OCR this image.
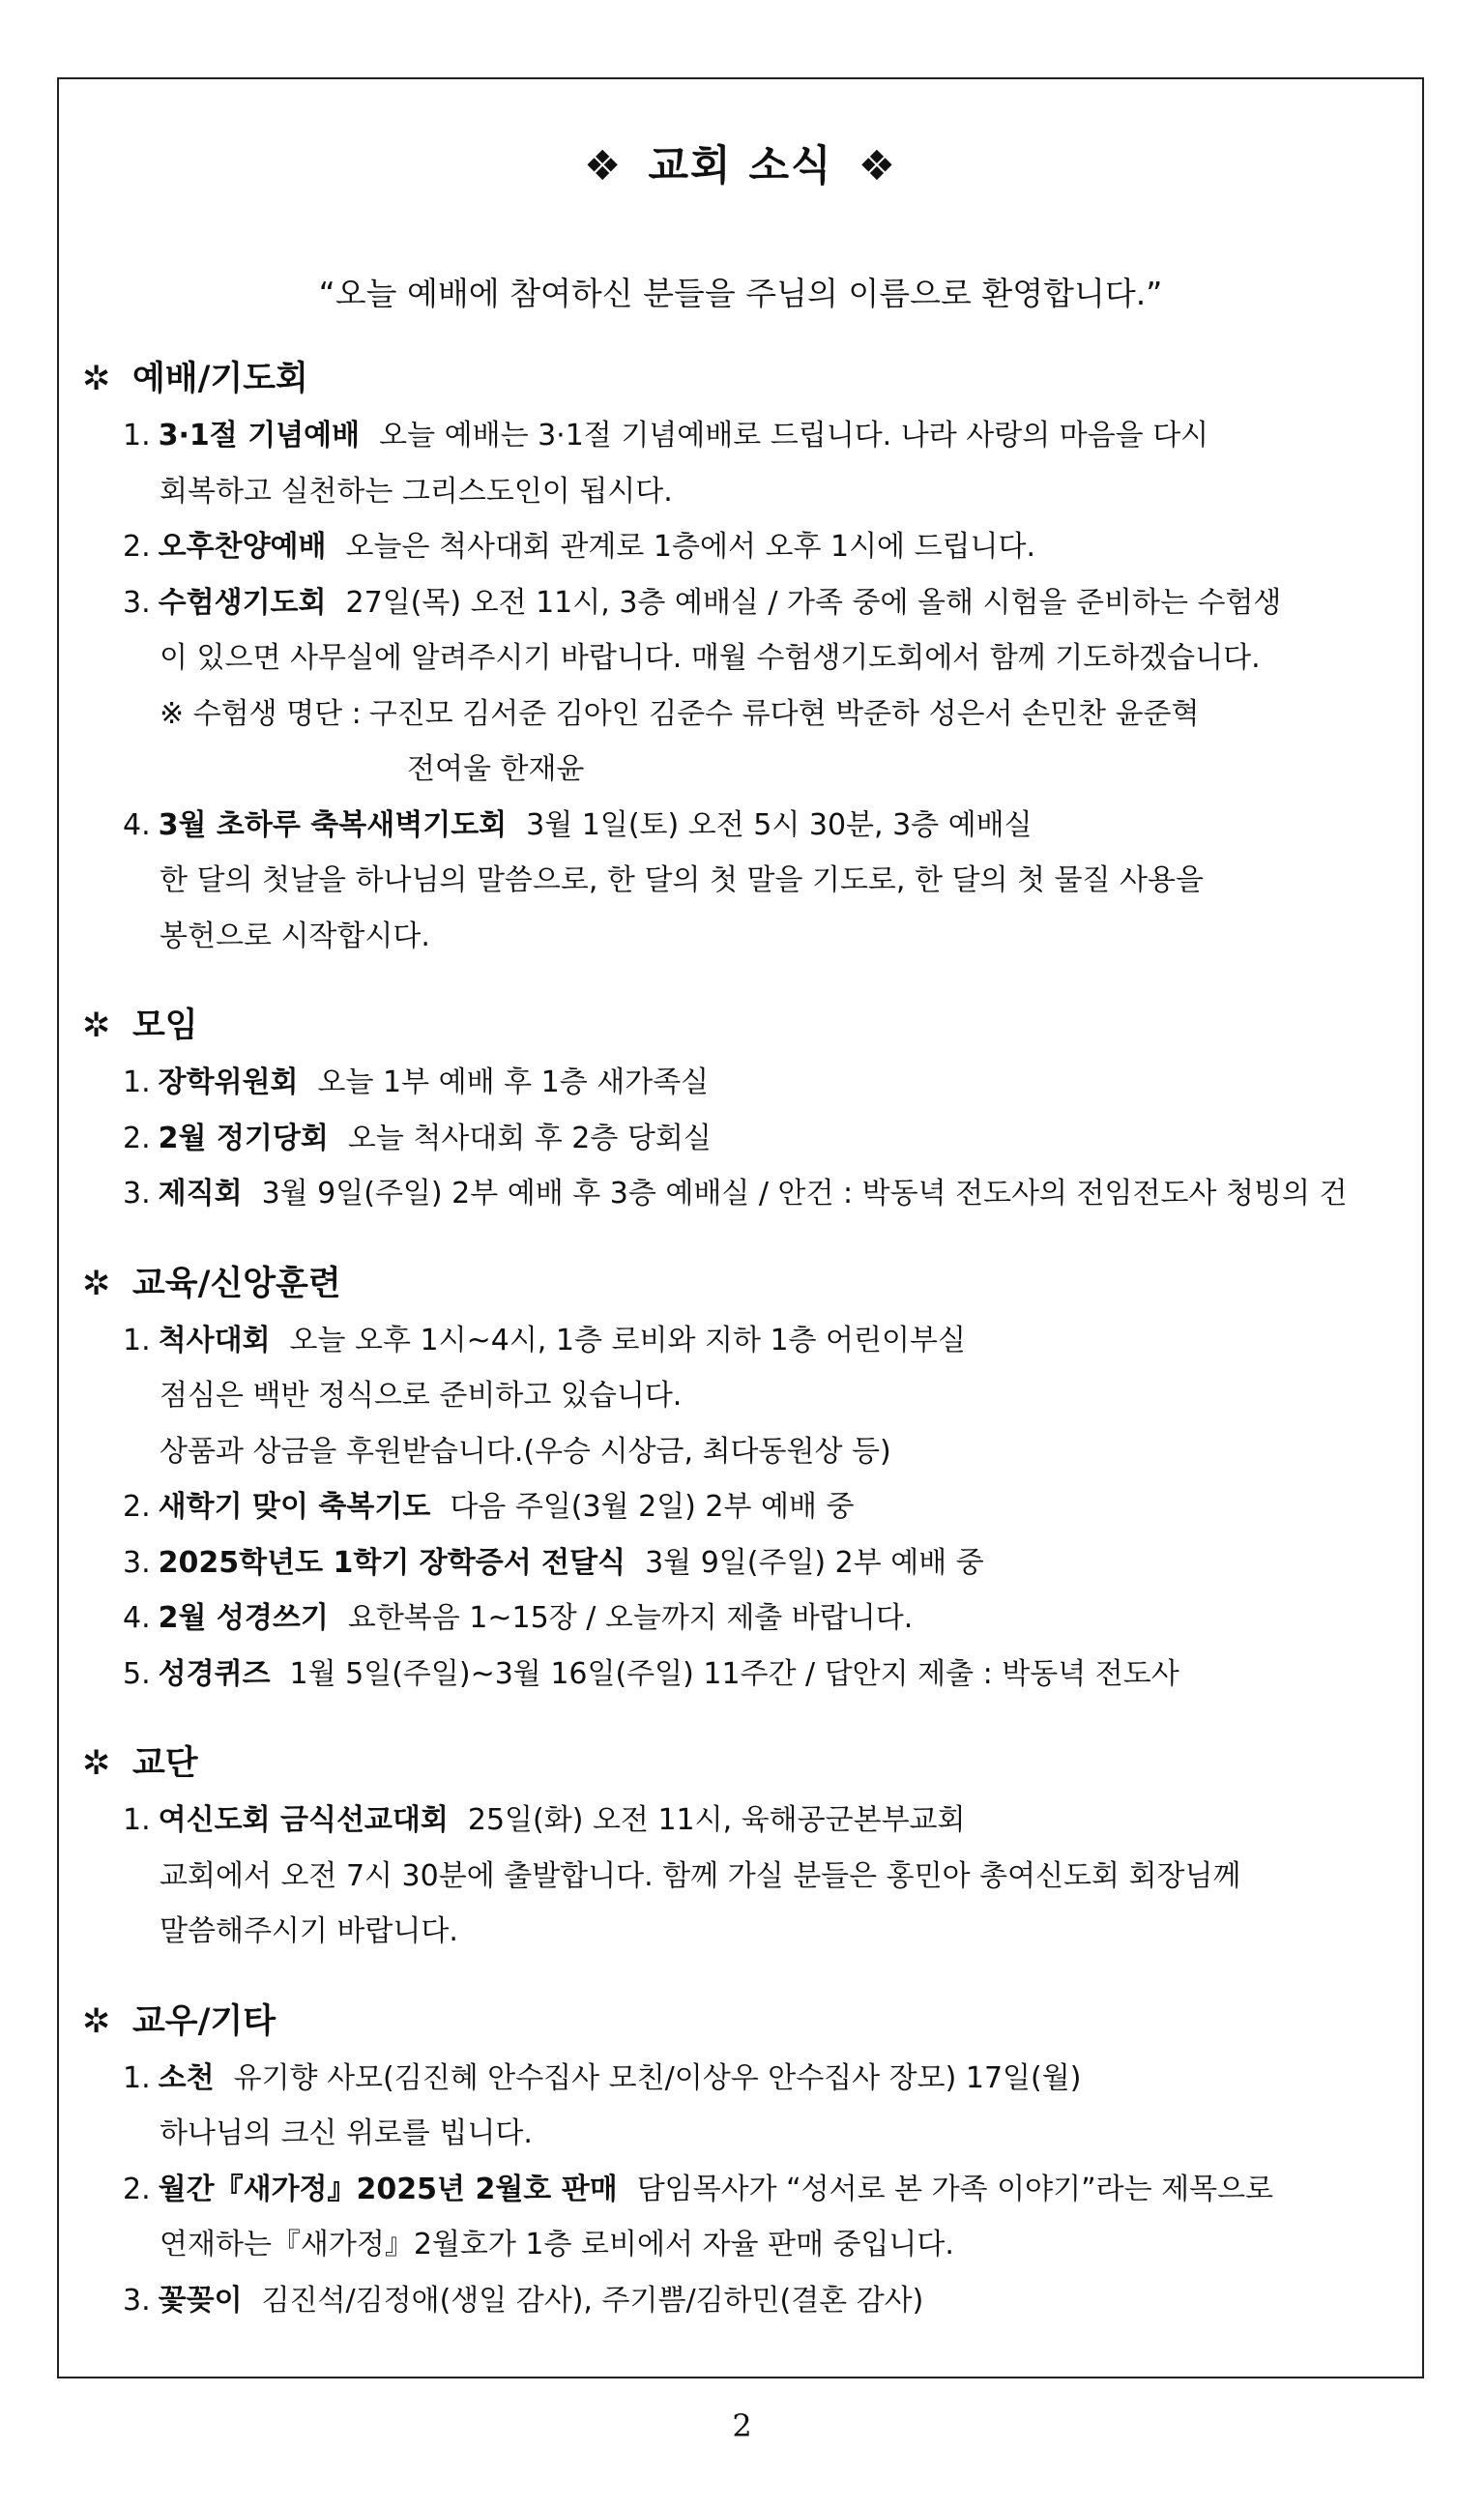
❖ 교회 소식 ❖
“오늘 예배에 참여하신 분들을 주님의 이름으로 환영합니다.”
✲ 예배/기도회
1. 3·1절 기념예배 오늘 예배는 3·1절 기념예배로 드립니다. 나라 사랑의 마음을 다시
회복하고 실천하는 그리스도인이 됩시다.
2. 오후찬양예배 오늘은 척사대회 관계로 1층에서 오후 1시에 드립니다.
3. 수험생기도회 27일(목) 오전 11시, 3층 예배실 / 가족 중에 올해 시험을 준비하는 수험생
이 있으면 사무실에 알려주시기 바랍니다. 매월 수험생기도회에서 함께 기도하겠습니다.
※ 수험생 명단 : 구진모 김서준 김아인 김준수 류다현 박준하 성은서 손민찬 윤준혁
전여울 한재윤
4. 3월 초하루 축복새벽기도회 3월 1일(토) 오전 5시 30분, 3층 예배실
한 달의 첫날을 하나님의 말씀으로, 한 달의 첫 말을 기도로, 한 달의 첫 물질 사용을
봉헌으로 시작합시다.
✲ 모임
1. 장학위원회 오늘 1부 예배 후 1층 새가족실
2. 2월 정기당회 오늘 척사대회 후 2층 당회실
3. 제직회 3월 9일(주일) 2부 예배 후 3층 예배실 / 안건 : 박동녁 전도사의 전임전도사 청빙의 건
✲ 교육/신앙훈련
1. 척사대회 오늘 오후 1시~4시, 1층 로비와 지하 1층 어린이부실
점심은 백반 정식으로 준비하고 있습니다.
상품과 상금을 후원받습니다.(우승 시상금, 최다동원상 등)
2. 새학기 맞이 축복기도 다음 주일(3월 2일) 2부 예배 중
3. 2025학년도 1학기 장학증서 전달식 3월 9일(주일) 2부 예배 중
4. 2월 성경쓰기 요한복음 1~15장 / 오늘까지 제출 바랍니다.
5. 성경퀴즈 1월 5일(주일)~3월 16일(주일) 11주간 / 답안지 제출 : 박동녁 전도사
✲ 교단
1. 여신도회 금식선교대회 25일(화) 오전 11시, 육해공군본부교회
교회에서 오전 7시 30분에 출발합니다. 함께 가실 분들은 홍민아 총여신도회 회장님께
말씀해주시기 바랍니다.
✲ 교우/기타
1. 소천 유기향 사모(김진혜 안수집사 모친/이상우 안수집사 장모) 17일(월)
하나님의 크신 위로를 빕니다.
2. 월간『새가정』2025년 2월호 판매 담임목사가 “성서로 본 가족 이야기”라는 제목으로
연재하는『새가정』2월호가 1층 로비에서 자율 판매 중입니다.
3. 꽃꽂이 김진석/김정애(생일 감사), 주기쁨/김하민(결혼 감사)
2
